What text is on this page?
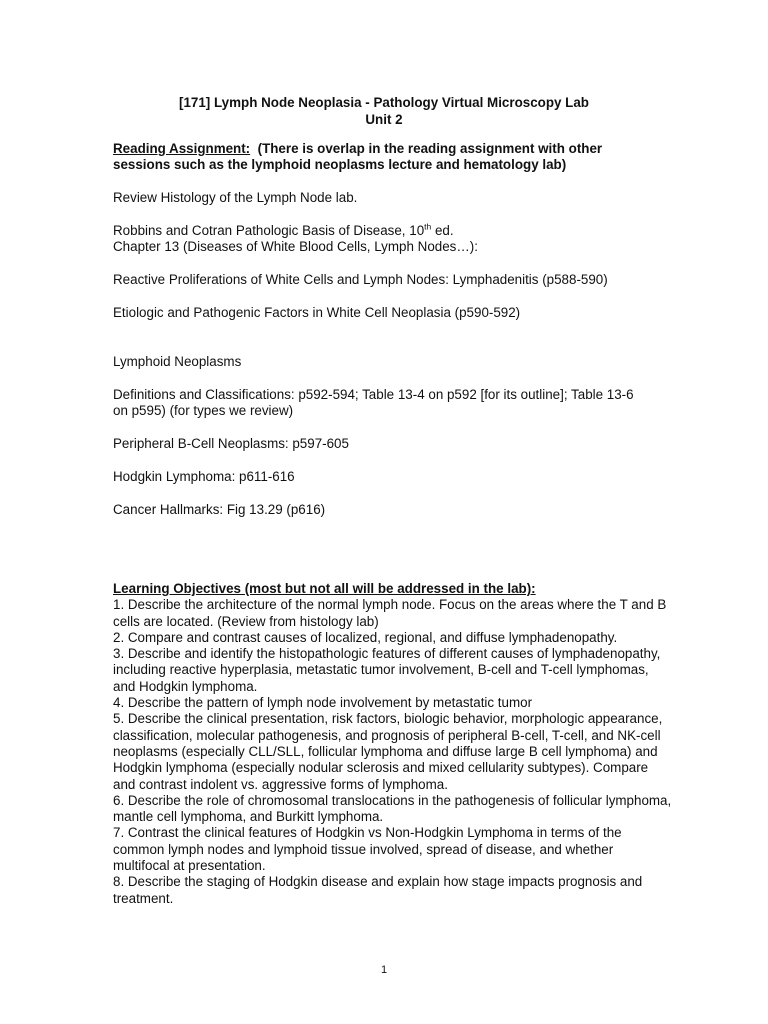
[171] Lymph Node Neoplasia - Pathology Virtual Microscopy Lab
Unit 2
Reading Assignment: (There is overlap in the reading assignment with other
sessions such as the lymphoid neoplasms lecture and hematology lab)
Review Histology of the Lymph Node lab.
Robbins and Cotran Pathologic Basis of Disease, 10th ed.
Chapter 13 (Diseases of White Blood Cells, Lymph Nodes…):
Reactive Proliferations of White Cells and Lymph Nodes: Lymphadenitis (p588-590)
Etiologic and Pathogenic Factors in White Cell Neoplasia (p590-592)
Lymphoid Neoplasms
Definitions and Classifications: p592-594; Table 13-4 on p592 [for its outline]; Table 13-6
on p595) (for types we review)
Peripheral B-Cell Neoplasms: p597-605
Hodgkin Lymphoma: p611-616
Cancer Hallmarks: Fig 13.29 (p616)
Learning Objectives (most but not all will be addressed in the lab):
1. Describe the architecture of the normal lymph node. Focus on the areas where the T and B cells are located. (Review from histology lab)
2. Compare and contrast causes of localized, regional, and diffuse lymphadenopathy.
3. Describe and identify the histopathologic features of different causes of lymphadenopathy, including reactive hyperplasia, metastatic tumor involvement, B-cell and T-cell lymphomas, and Hodgkin lymphoma.
4. Describe the pattern of lymph node involvement by metastatic tumor
5. Describe the clinical presentation, risk factors, biologic behavior, morphologic appearance, classification, molecular pathogenesis, and prognosis of peripheral B-cell, T-cell, and NK-cell neoplasms (especially CLL/SLL, follicular lymphoma and diffuse large B cell lymphoma) and Hodgkin lymphoma (especially nodular sclerosis and mixed cellularity subtypes). Compare and contrast indolent vs. aggressive forms of lymphoma.
6. Describe the role of chromosomal translocations in the pathogenesis of follicular lymphoma, mantle cell lymphoma, and Burkitt lymphoma.
7. Contrast the clinical features of Hodgkin vs Non-Hodgkin Lymphoma in terms of the common lymph nodes and lymphoid tissue involved, spread of disease, and whether multifocal at presentation.
8. Describe the staging of Hodgkin disease and explain how stage impacts prognosis and treatment.
1
